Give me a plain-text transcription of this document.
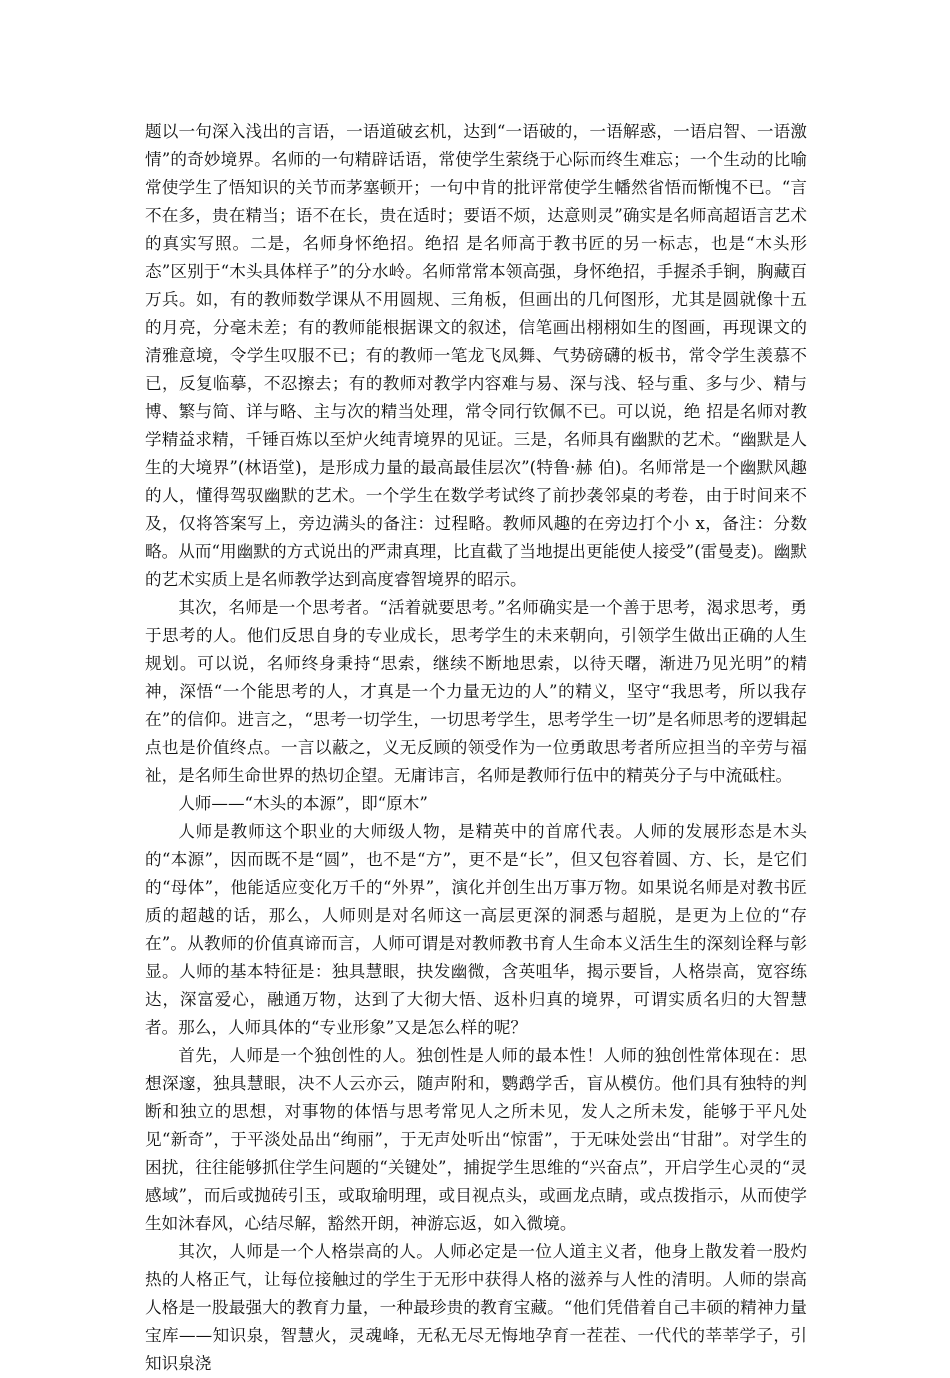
题以一句深入浅出的言语，一语道破玄机，达到“一语破的，一语解惑，一语启智、一语激情”的奇妙境界。名师的一句精辟话语，常使学生萦绕于心际而终生难忘；一个生动的比喻常使学生了悟知识的关节而茅塞顿开；一句中肯的批评常使学生幡然省悟而惭愧不已。“言不在多，贵在精当；语不在长，贵在适时；要语不烦，达意则灵”确实是名师高超语言艺术的真实写照。二是，名师身怀绝招。绝招 是名师高于教书匠的另一标志，也是“木头形态”区别于“木头具体样子”的分水岭。名师常常本领高强，身怀绝招，手握杀手锏，胸藏百万兵。如，有的教师数学课从不用圆规、三角板，但画出的几何图形，尤其是圆就像十五的月亮，分毫未差；有的教师能根据课文的叙述，信笔画出栩栩如生的图画，再现课文的清雅意境，令学生叹服不已；有的教师一笔龙飞凤舞、气势磅礴的板书，常令学生羡慕不已，反复临摹，不忍擦去；有的教师对教学内容难与易、深与浅、轻与重、多与少、精与博、繁与简、详与略、主与次的精当处理，常令同行钦佩不已。可以说，绝 招是名师对教学精益求精，千锤百炼以至炉火纯青境界的见证。三是，名师具有幽默的艺术。“幽默是人生的大境界”(林语堂)，是形成力量的最高最佳层次”(特鲁·赫 伯)。名师常是一个幽默风趣的人，懂得驾驭幽默的艺术。一个学生在数学考试终了前抄袭邻桌的考卷，由于时间来不及，仅将答案写上，旁边满头的备注：过程略。教师风趣的在旁边打个小 x，备注：分数略。从而“用幽默的方式说出的严肃真理，比直截了当地提出更能使人接受”(雷曼麦)。幽默的艺术实质上是名师教学达到高度睿智境界的昭示。

其次，名师是一个思考者。“活着就要思考。”名师确实是一个善于思考，渴求思考，勇于思考的人。他们反思自身的专业成长，思考学生的未来朝向，引领学生做出正确的人生规划。可以说，名师终身秉持“思索，继续不断地思索，以待天曙，渐进乃见光明”的精神，深悟“一个能思考的人，才真是一个力量无边的人”的精义，坚守“我思考，所以我存在”的信仰。进言之，“思考一切学生，一切思考学生，思考学生一切”是名师思考的逻辑起点也是价值终点。一言以蔽之，义无反顾的领受作为一位勇敢思考者所应担当的辛劳与福祉，是名师生命世界的热切企望。无庸讳言，名师是教师行伍中的精英分子与中流砥柱。

人师——“木头的本源”，即“原木”

人师是教师这个职业的大师级人物，是精英中的首席代表。人师的发展形态是木头的“本源”，因而既不是“圆”，也不是“方”，更不是“长”，但又包容着圆、方、长，是它们的“母体”，他能适应变化万千的“外界”，演化并创生出万事万物。如果说名师是对教书匠质的超越的话，那么，人师则是对名师这一高层更深的洞悉与超脱，是更为上位的“存在”。从教师的价值真谛而言，人师可谓是对教师教书育人生命本义活生生的深刻诠释与彰显。人师的基本特征是：独具慧眼，抉发幽微，含英咀华，揭示要旨，人格崇高，宽容练达，深富爱心，融通万物，达到了大彻大悟、返朴归真的境界，可谓实质名归的大智慧者。那么，人师具体的“专业形象”又是怎么样的呢？

首先，人师是一个独创性的人。独创性是人师的最本性！人师的独创性常体现在：思想深邃，独具慧眼，决不人云亦云，随声附和，鹦鹉学舌，盲从模仿。他们具有独特的判断和独立的思想，对事物的体悟与思考常见人之所未见，发人之所未发，能够于平凡处见“新奇”，于平淡处品出“绚丽”，于无声处听出“惊雷”，于无味处尝出“甘甜”。对学生的困扰，往往能够抓住学生问题的“关键处”，捕捉学生思维的“兴奋点”，开启学生心灵的“灵感域”，而后或抛砖引玉，或取瑜明理，或目视点头，或画龙点睛，或点拨指示，从而使学生如沐春风，心结尽解，豁然开朗，神游忘返，如入微境。

其次，人师是一个人格崇高的人。人师必定是一位人道主义者，他身上散发着一股灼热的人格正气，让每位接触过的学生于无形中获得人格的滋养与人性的清明。人师的崇高人格是一股最强大的教育力量，一种最珍贵的教育宝藏。“他们凭借着自己丰硕的精神力量宝库——知识泉，智慧火，灵魂峰，无私无尽无悔地孕育一茬茬、一代代的莘莘学子，引知识泉浇
